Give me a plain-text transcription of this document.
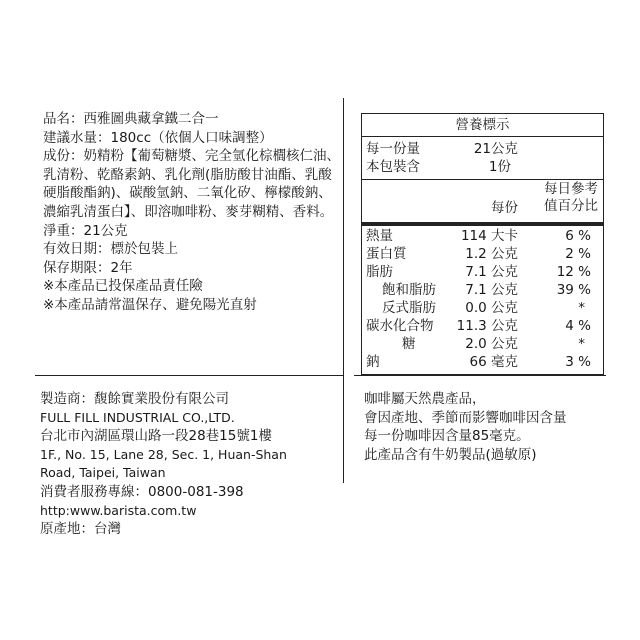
品名：西雅圖典藏拿鐵二合一
建議水量：180cc（依個人口味調整）
成份：奶精粉【葡萄糖漿、完全氫化棕櫚核仁油、乳清粉、乾酪素鈉、乳化劑(脂肪酸甘油酯、乳酸硬脂酸酯鈉)、碳酸氫鈉、二氧化矽、檸檬酸鈉、濃縮乳清蛋白】、即溶咖啡粉、麥芽糊精、香料。
淨重：21公克
有效日期：標於包裝上
保存期限：2年
※本產品已投保產品責任險
※本產品請常溫保存、避免陽光直射
營養標示
每一份量	21公克
本包裝含	1份
每份
每日參考
值百分比
熱量	114 大卡	6 %
蛋白質	1.2 公克	2 %
脂肪	7.1 公克	12 %
飽和脂肪 7.1 公克	39 %
反式脂肪 0.0 公克	*
碳水化合物 11.3 公克	4 %
糖	2.0 公克	*
鈉	66 毫克	3 %
製造商：馥餘實業股份有限公司
FULL FILL INDUSTRIAL CO.,LTD.
台北市內湖區環山路一段28巷15號1樓
1F., No. 15, Lane 28, Sec. 1, Huan-Shan
Road, Taipei, Taiwan
消費者服務專線：0800-081-398
http:www.barista.com.tw
原產地：台灣
咖啡屬天然農產品，
會因產地、季節而影響咖啡因含量
每一份咖啡因含量85毫克。
此產品含有牛奶製品(過敏原)
